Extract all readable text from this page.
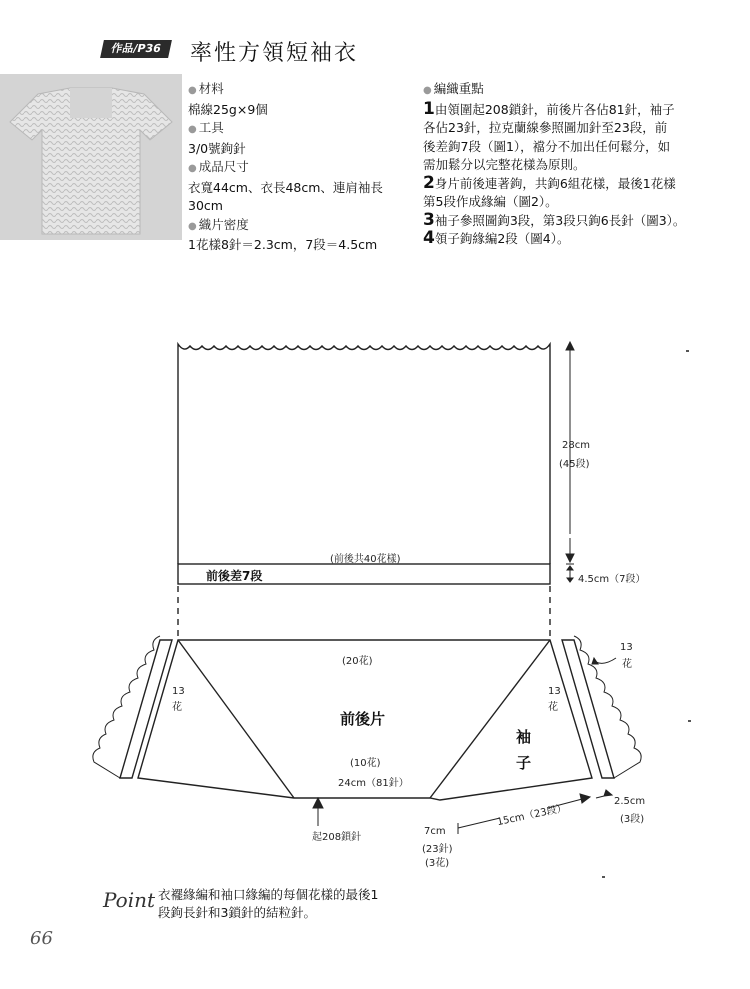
作品/P36	率性方領短袖衣
● 材料
棉線25g×9個
● 工具
3/0號鉤針
● 成品尺寸
衣寬44cm、衣長48cm、連肩袖長
30cm
● 織片密度
1花樣8針＝2.3cm，7段＝4.5cm
● 編織重點
1由領圍起208鎖針，前後片各佔81針，袖子
各佔23針，拉克蘭線參照圖加針至23段，前
後差鉤7段（圖1），襠分不加出任何鬆分，如
需加鬆分以完整花樣為原則。
2身片前後連著鉤，共鉤6組花樣，最後1花樣
第5段作成緣編（圖2）。
3袖子參照圖鉤3段，第3段只鉤6長針（圖3）。
4領子鉤緣編2段（圖4）。
28cm
(45段)
(前後共40花樣)
前後差7段	4.5cm（7段）
(20花)
13
花
13
花
13
花
前後片
(10花)
24cm（81針）
袖
子
起208鎖針
15cm（23段）
2.5cm
(3段)
7cm
(23針)
(3花)
Point 衣襬緣編和袖口緣編的每個花樣的最後1
段鉤長針和3鎖針的結粒針。
66
